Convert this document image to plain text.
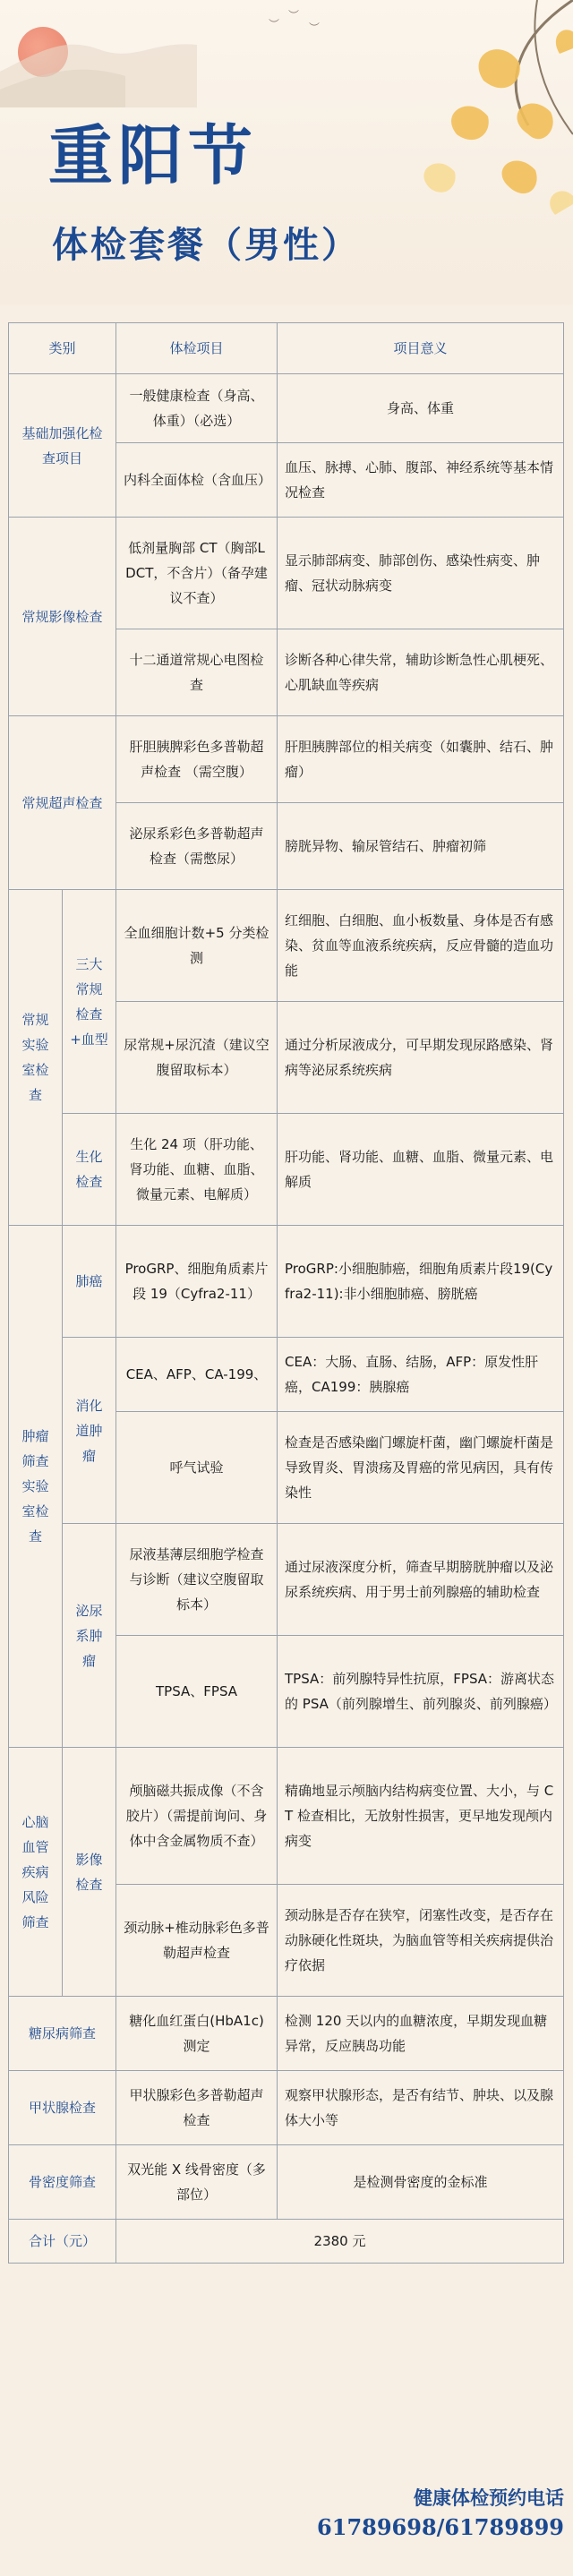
︶
︶
︶
重阳节
体检套餐（男性）
类别		体检项目	项目意义
基础加强化检查项目		一般健康检查（身高、体重）（必选）	身高、体重
		内科全面体检（含血压）	血压、脉搏、心肺、腹部、神经系统等基本情况检查
常规影像检查		低剂量胸部 CT（胸部LDCT，不含片）（备孕建议不查）	显示肺部病变、肺部创伤、感染性病变、肿瘤、冠状动脉病变
		十二通道常规心电图检查	诊断各种心律失常，辅助诊断急性心肌梗死、心肌缺血等疾病
常规超声检查		肝胆胰脾彩色多普勒超声检查 （需空腹）	肝胆胰脾部位的相关病变（如囊肿、结石、肿瘤）
		泌尿系彩色多普勒超声检查（需憋尿）	膀胱异物、输尿管结石、肿瘤初筛
常规实验室检查	三大常规检查+血型	全血细胞计数+5 分类检测	红细胞、白细胞、血小板数量、身体是否有感染、贫血等血液系统疾病，反应骨髓的造血功能
		尿常规+尿沉渣（建议空腹留取标本）	通过分析尿液成分，可早期发现尿路感染、肾病等泌尿系统疾病
	生化检查	生化 24 项（肝功能、肾功能、血糖、血脂、微量元素、电解质）	肝功能、肾功能、血糖、血脂、微量元素、电解质
肿瘤筛查实验室检查	肺癌	ProGRP、细胞角质素片段 19（Cyfra2-11）	ProGRP:小细胞肺癌，细胞角质素片段19(Cyfra2-11):非小细胞肺癌、膀胱癌
	消化道肿瘤	CEA、AFP、CA-199、	CEA：大肠、直肠、结肠，AFP：原发性肝癌，CA199：胰腺癌
		呼气试验	检查是否感染幽门螺旋杆菌，幽门螺旋杆菌是导致胃炎、胃溃疡及胃癌的常见病因，具有传染性
	泌尿系肿瘤	尿液基薄层细胞学检查与诊断（建议空腹留取标本）	通过尿液深度分析，筛查早期膀胱肿瘤以及泌尿系统疾病、用于男士前列腺癌的辅助检查
		TPSA、FPSA	TPSA：前列腺特异性抗原，FPSA：游离状态的 PSA（前列腺增生、前列腺炎、前列腺癌）
心脑血管疾病风险筛查	影像检查	颅脑磁共振成像（不含胶片）（需提前询问、身体中含金属物质不查）	精确地显示颅脑内结构病变位置、大小，与 CT 检查相比，无放射性损害，更早地发现颅内病变
		颈动脉+椎动脉彩色多普勒超声检查	颈动脉是否存在狭窄，闭塞性改变，是否存在动脉硬化性斑块，为脑血管等相关疾病提供治疗依据
糖尿病筛查		糖化血红蛋白(HbA1c)测定	检测 120 天以内的血糖浓度，早期发现血糖异常，反应胰岛功能
甲状腺检查		甲状腺彩色多普勒超声检查	观察甲状腺形态，是否有结节、肿块、以及腺体大小等
骨密度筛查		双光能 X 线骨密度（多部位）	是检测骨密度的金标准
合计（元）		2380 元	
健康体检预约电话
61789698/61789899
